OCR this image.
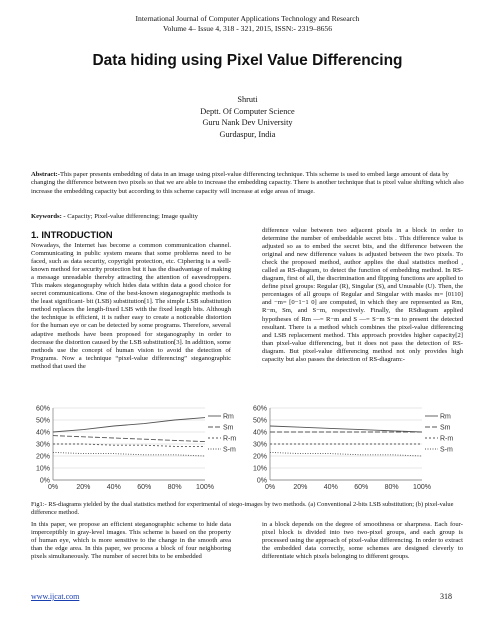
International Journal of Computer Applications Technology and Research
Volume 4– Issue 4, 318 - 321, 2015, ISSN:- 2319–8656
Data hiding using Pixel Value Differencing
Shruti
Deptt. Of Computer Science
Guru Nank Dev University
Gurdaspur, India
Abstract:-This paper presents embedding of data in an image using pixel-value differencing technique. This scheme is used to embed large amount of data by changing the difference between two pixels so that we are able to increase the embedding capacity. There is another technique that is pixel value shifting which also increase the embedding capacity but according to this scheme capacity will increase at edge areas of image.
Keywords: - Capacity; Pixel-value differencing; Image quality
1. INTRODUCTION
Nowadays, the Internet has become a common communication channel. Communicating in public system means that some problems need to be faced, such as data security, copyright protection, etc. Ciphering is a well-known method for security protection but it has the disadvantage of making a message unreadable thereby attracting the attention of eavesdroppers. This makes steganography which hides data within data a good choice for secret communications. One of the best-known steganographic methods is the least significant- bit (LSB) substitution[1]. The simple LSB substitution method replaces the length-fixed LSB with the fixed length bits. Although the technique is efficient, it is rather easy to create a noticeable distortion for the human eye or can be detected by some programs. Therefore, several adaptive methods have been proposed for steganography in order to decrease the distortion caused by the LSB substitution[3]. In addition, some methods use the concept of human vision to avoid the detection of Programs. Now a technique “pixel-value differencing” steganographic method that used the
difference value between two adjacent pixels in a block in order to determine the number of embeddable secret bits . This difference value is adjusted so as to embed the secret bits, and the difference between the original and new difference values is adjusted between the two pixels. To check the proposed method, author applies the dual statistics method , called as RS-diagram, to detect the function of embedding method. In RS-diagram, first of all, the discrimination and flipping functions are applied to define pixel groups: Regular (R), Singular (S), and Unusable (U). Then, the percentages of all groups of Regular and Singular with masks m= [0110] and −m= [0−1−1 0] are computed, in which they are represented as Rm, R−m, Sm, and S−m, respectively. Finally, the RSdiagram applied hypotheses of Rm —= R−m and S —= S−m S−m to present the detected resultant. There is a method which combines the pixel-value differencing and LSB replacement method. This approach provides higher capacity[2] than pixel-value differencing, but it does not pass the detection of RS-diagram. But pixel-value differencing method not only provides high capacity but also passes the detection of RS-diagram:-
0%
10%
20%
30%
40%
50%
60%
0%	20% 40% 60% 80% 100%
Rm
Sm
R-m
S-m
0%
10%
20%
30%
40%
50%
60%
0%	20% 40% 60% 80% 100%
Rm
Sm
R-m
S-m
Fig1:- RS-diagrams yielded by the dual statistics method for experimental of stego-images by two methods. (a) Conventional 2-bits LSB substitution; (b) pixel-value difference method.
In this paper, we propose an efficient steganographic scheme to hide data imperceptibly in gray-level images. This scheme is based on the property of human eye, which is more sensitive to the change in the smooth area than the edge area. In this paper, we process a block of four neighboring pixels simultaneously. The number of secret bits to be embedded
in a block depends on the degree of smoothness or sharpness. Each four-pixel block is divided into two two-pixel groups, and each group is processed using the approach of pixel-value differencing. In order to extract the embedded data correctly, some schemes are designed cleverly to differentiate which pixels belonging to different groups.
www.ijcat.com	318
